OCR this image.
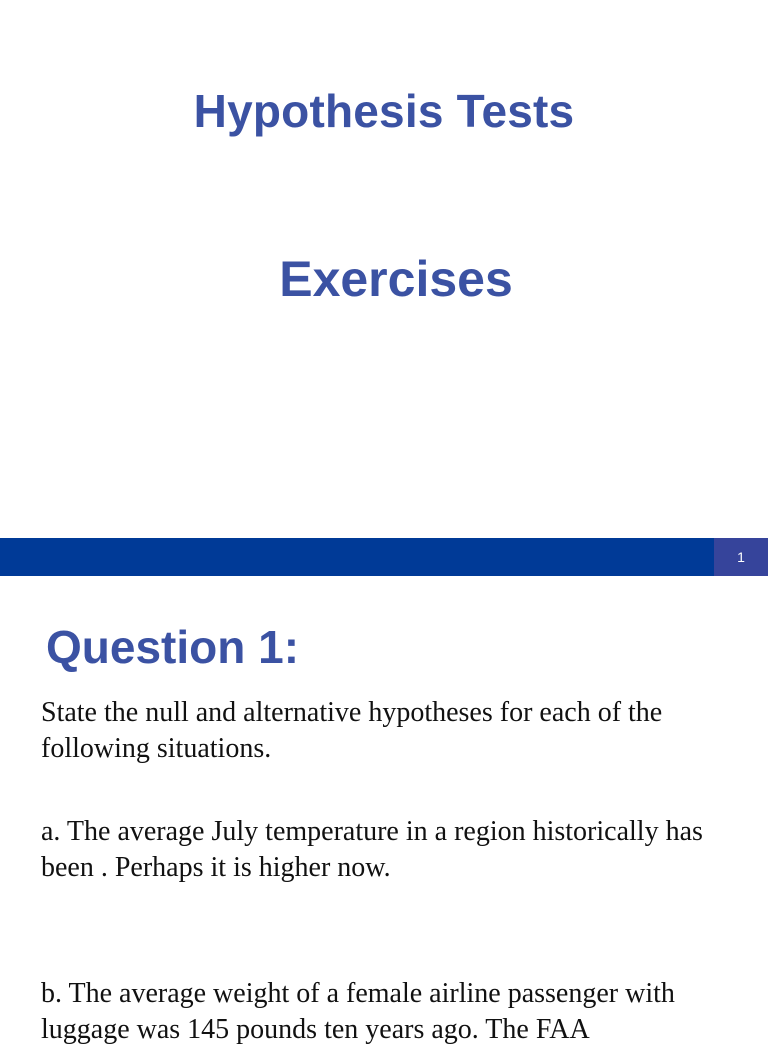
Hypothesis Tests
Exercises
1
Question 1:

State the null and alternative hypotheses for each of the following situations.

a. The average July temperature in a region historically has been . Perhaps it is higher now.

b. The average weight of a female airline passenger with luggage was 145 pounds ten years ago. The FAA
